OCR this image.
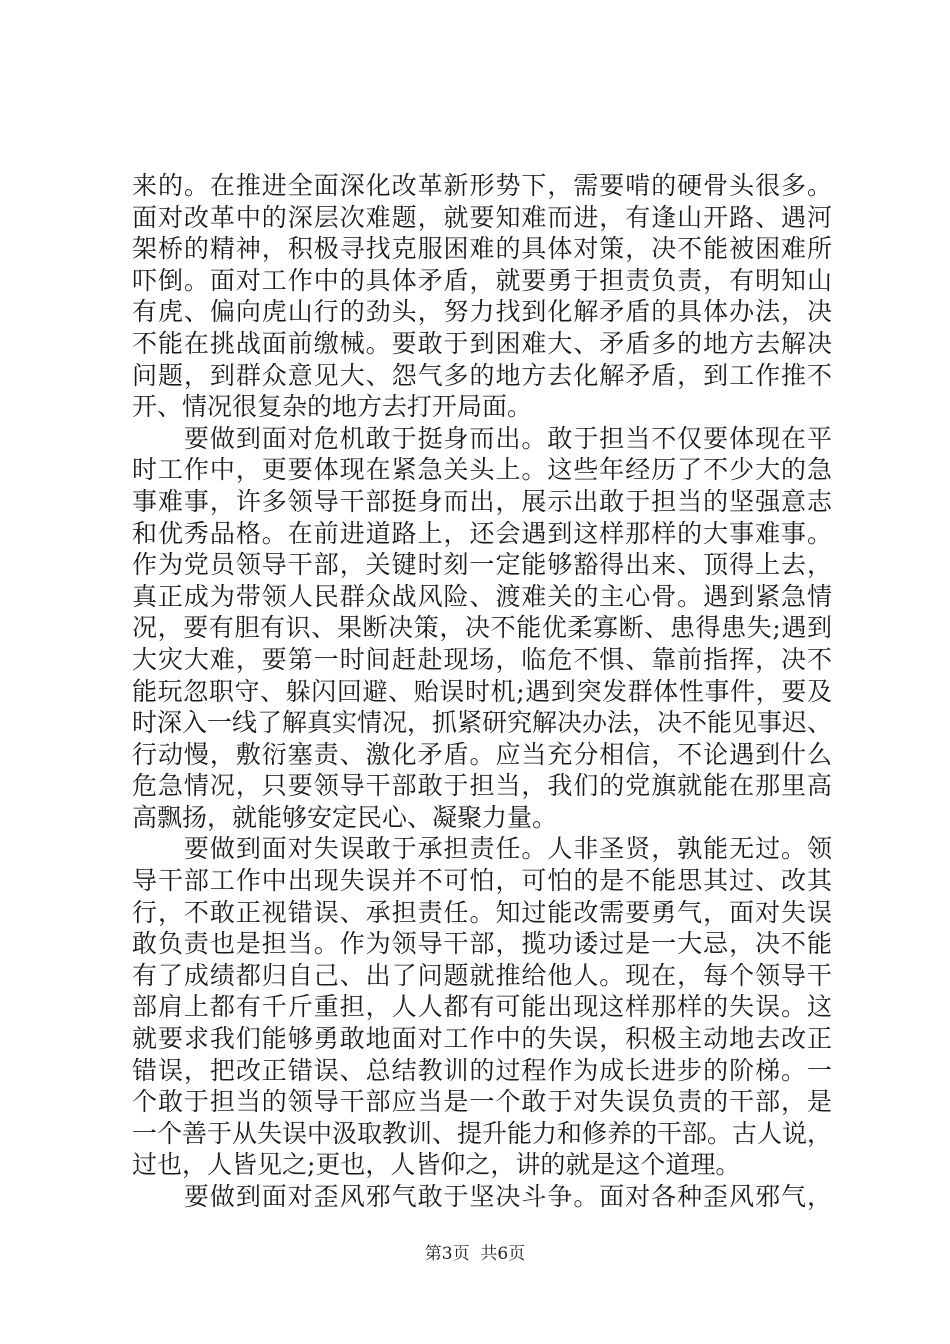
来的。在推进全面深化改革新形势下，需要啃的硬骨头很多。
面对改革中的深层次难题，就要知难而进，有逢山开路、遇河
架桥的精神，积极寻找克服困难的具体对策，决不能被困难所
吓倒。面对工作中的具体矛盾，就要勇于担责负责，有明知山
有虎、偏向虎山行的劲头，努力找到化解矛盾的具体办法，决
不能在挑战面前缴械。要敢于到困难大、矛盾多的地方去解决
问题，到群众意见大、怨气多的地方去化解矛盾，到工作推不
开、情况很复杂的地方去打开局面。
　　要做到面对危机敢于挺身而出。敢于担当不仅要体现在平
时工作中，更要体现在紧急关头上。这些年经历了不少大的急
事难事，许多领导干部挺身而出，展示出敢于担当的坚强意志
和优秀品格。在前进道路上，还会遇到这样那样的大事难事。
作为党员领导干部，关键时刻一定能够豁得出来、顶得上去，
真正成为带领人民群众战风险、渡难关的主心骨。遇到紧急情
况，要有胆有识、果断决策，决不能优柔寡断、患得患失;遇到
大灾大难，要第一时间赶赴现场，临危不惧、靠前指挥，决不
能玩忽职守、躲闪回避、贻误时机;遇到突发群体性事件，要及
时深入一线了解真实情况，抓紧研究解决办法，决不能见事迟、
行动慢，敷衍塞责、激化矛盾。应当充分相信，不论遇到什么
危急情况，只要领导干部敢于担当，我们的党旗就能在那里高
高飘扬，就能够安定民心、凝聚力量。
　　要做到面对失误敢于承担责任。人非圣贤，孰能无过。领
导干部工作中出现失误并不可怕，可怕的是不能思其过、改其
行，不敢正视错误、承担责任。知过能改需要勇气，面对失误
敢负责也是担当。作为领导干部，揽功诿过是一大忌，决不能
有了成绩都归自己、出了问题就推给他人。现在，每个领导干
部肩上都有千斤重担，人人都有可能出现这样那样的失误。这
就要求我们能够勇敢地面对工作中的失误，积极主动地去改正
错误，把改正错误、总结教训的过程作为成长进步的阶梯。一
个敢于担当的领导干部应当是一个敢于对失误负责的干部，是
一个善于从失误中汲取教训、提升能力和修养的干部。古人说，
过也，人皆见之;更也，人皆仰之，讲的就是这个道理。
　　要做到面对歪风邪气敢于坚决斗争。面对各种歪风邪气，
第3页  共6页
